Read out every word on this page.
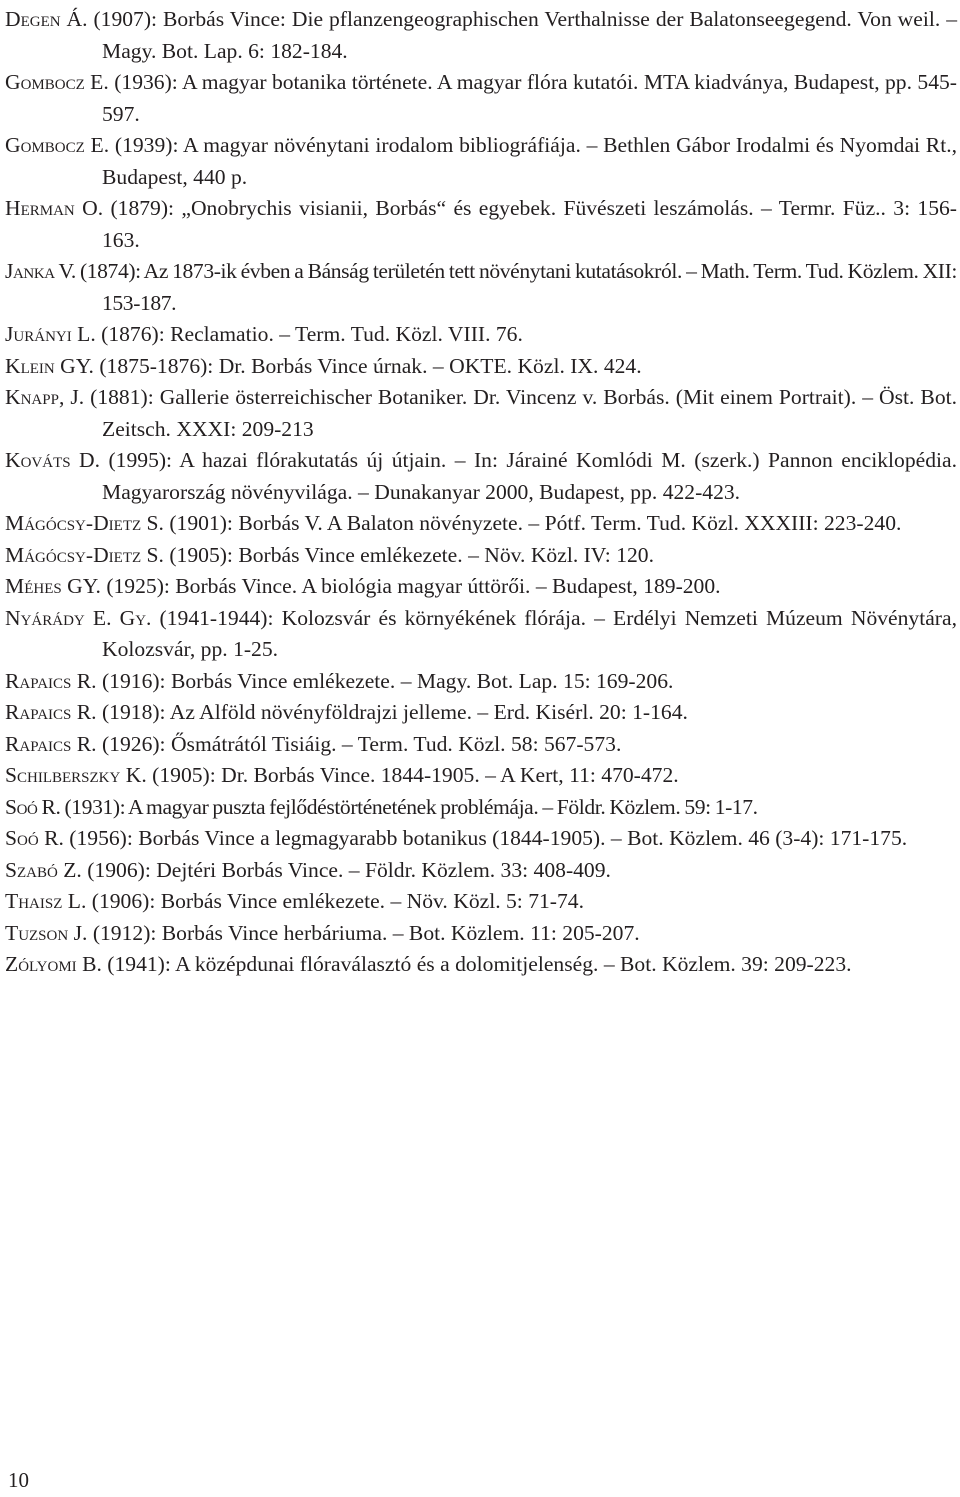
Degen Á. (1907): Borbás Vince: Die pflanzengeographischen Verthalnisse der Balatonseegegend. Von weil. – Magy. Bot. Lap. 6: 182-184.
Gombocz E. (1936): A magyar botanika története. A magyar flóra kutatói. MTA kiadványa, Budapest, pp. 545-597.
Gombocz E. (1939): A magyar növénytani irodalom bibliográfiája. – Bethlen Gábor Irodalmi és Nyomdai Rt., Budapest, 440 p.
Herman O. (1879): „Onobrychis visianii, Borbás“ és egyebek. Füvészeti leszámolás. – Termr. Füz.. 3: 156-163.
Janka V. (1874): Az 1873-ik évben a Bánság területén tett növénytani kutatásokról. – Math. Term. Tud. Közlem. XII: 153-187.
Jurányi L. (1876): Reclamatio. – Term. Tud. Közl. VIII. 76.
Klein GY. (1875-1876): Dr. Borbás Vince úrnak. – OKTE. Közl. IX. 424.
Knapp, J. (1881): Gallerie österreichischer Botaniker. Dr. Vincenz v. Borbás. (Mit einem Portrait). – Öst. Bot. Zeitsch. XXXI: 209-213
Kováts D. (1995): A hazai flórakutatás új útjain. – In: Járainé Komlódi M. (szerk.) Pannon enciklopédia. Magyarország növényvilága. – Dunakanyar 2000, Budapest, pp. 422-423.
Mágócsy-Dietz S. (1901): Borbás V. A Balaton növényzete. – Pótf. Term. Tud. Közl. XXXIII: 223-240.
Mágócsy-Dietz S. (1905): Borbás Vince emlékezete. – Növ. Közl. IV: 120.
Méhes GY. (1925): Borbás Vince. A biológia magyar úttörői. – Budapest, 189-200.
Nyárády E. Gy. (1941-1944): Kolozsvár és környékének flórája. – Erdélyi Nemzeti Múzeum Növénytára, Kolozsvár, pp. 1-25.
Rapaics R. (1916): Borbás Vince emlékezete. – Magy. Bot. Lap. 15: 169-206.
Rapaics R. (1918): Az Alföld növényföldrajzi jelleme. – Erd. Kisérl. 20: 1-164.
Rapaics R. (1926): Ősmátrától Tisiáig. – Term. Tud. Közl. 58: 567-573.
Schilberszky K. (1905): Dr. Borbás Vince. 1844-1905. – A Kert, 11: 470-472.
Soó R. (1931): A magyar puszta fejlődéstörténetének problémája. – Földr. Közlem. 59: 1-17.
Soó R. (1956): Borbás Vince a legmagyarabb botanikus (1844-1905). – Bot. Közlem. 46 (3-4): 171-175.
Szabó Z. (1906): Dejtéri Borbás Vince. – Földr. Közlem. 33: 408-409.
Thaisz L. (1906): Borbás Vince emlékezete. – Növ. Közl. 5: 71-74.
Tuzson J. (1912): Borbás Vince herbáriuma. – Bot. Közlem. 11: 205-207.
Zólyomi B. (1941): A középdunai flóraválasztó és a dolomitjelenség. – Bot. Közlem. 39: 209-223.
10
